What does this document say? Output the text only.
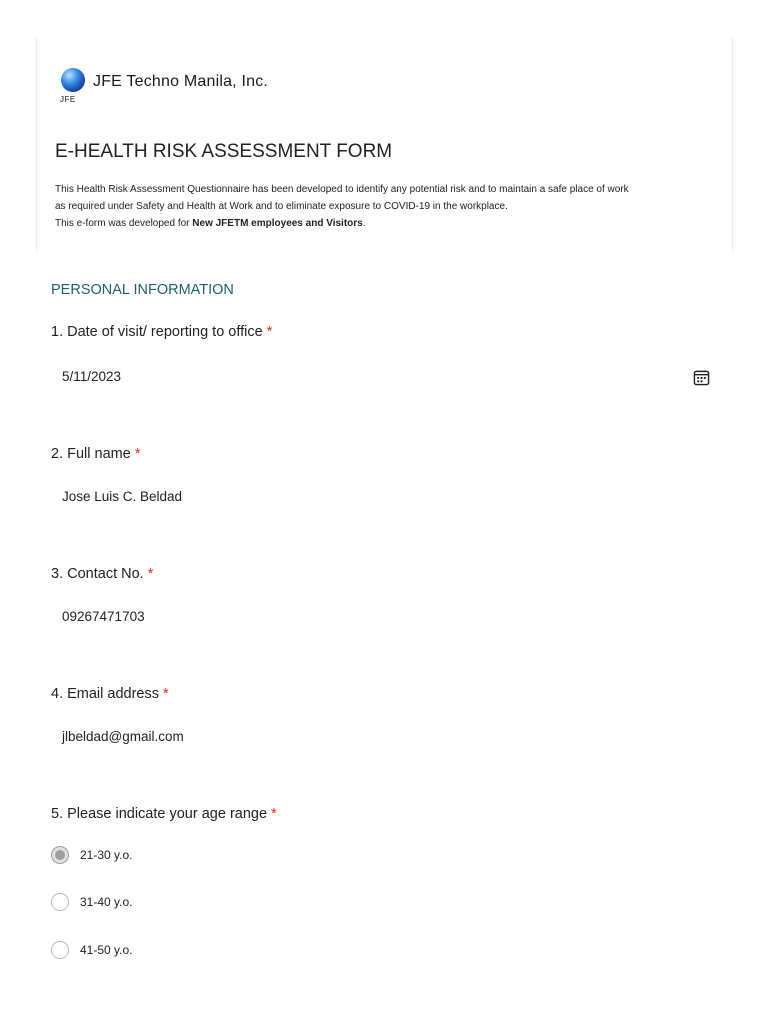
JFE
JFE Techno Manila, Inc.
E-HEALTH RISK ASSESSMENT FORM

This Health Risk Assessment Questionnaire has been developed to identify any potential risk and to maintain a safe place of work
as required under Safety and Health at Work and to eliminate exposure to COVID-19 in the workplace.
This e-form was developed for New JFETM employees and Visitors.

PERSONAL INFORMATION
1. Date of visit/ reporting to office *
5/11/2023
2. Full name *
Jose Luis C. Beldad
3. Contact No. *
09267471703
4. Email address *
jlbeldad@gmail.com
5. Please indicate your age range *
21-30 y.o.
31-40 y.o.
41-50 y.o.
